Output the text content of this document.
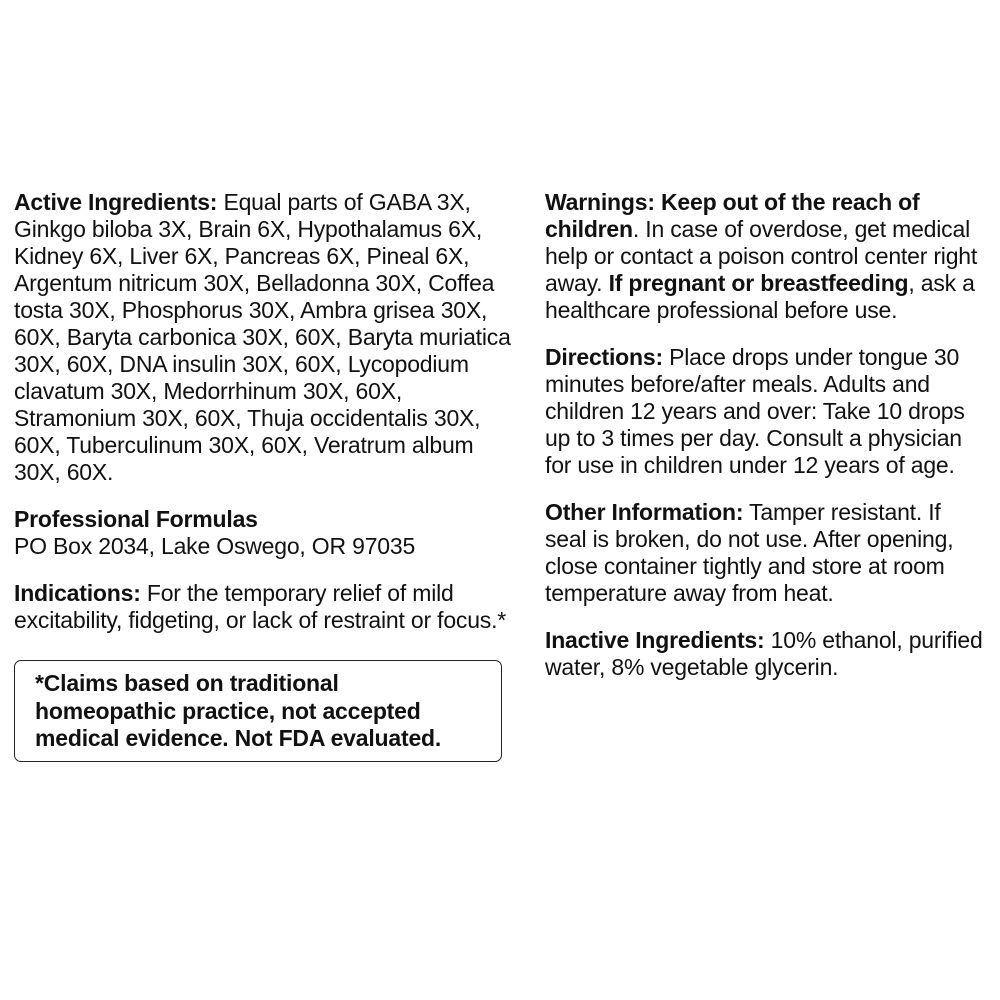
Active Ingredients: Equal parts of GABA 3X, Ginkgo biloba 3X, Brain 6X, Hypothalamus 6X, Kidney 6X, Liver 6X, Pancreas 6X, Pineal 6X, Argentum nitricum 30X, Belladonna 30X, Coffea tosta 30X, Phosphorus 30X, Ambra grisea 30X, 60X, Baryta carbonica 30X, 60X, Baryta muriatica 30X, 60X, DNA insulin 30X, 60X, Lycopodium clavatum 30X, Medorrhinum 30X, 60X, Stramonium 30X, 60X, Thuja occidentalis 30X, 60X, Tuberculinum 30X, 60X, Veratrum album 30X, 60X.

Professional Formulas
PO Box 2034, Lake Oswego, OR 97035

Indications: For the temporary relief of mild excitability, fidgeting, or lack of restraint or focus.*

*Claims based on traditional
homeopathic practice, not accepted
medical evidence. Not FDA evaluated.

Warnings: Keep out of the reach of children. In case of overdose, get medical help or contact a poison control center right away. If pregnant or breastfeeding, ask a healthcare professional before use.

Directions: Place drops under tongue 30 minutes before/after meals. Adults and children 12 years and over: Take 10 drops up to 3 times per day. Consult a physician for use in children under 12 years of age.

Other Information: Tamper resistant. If seal is broken, do not use. After opening, close container tightly and store at room temperature away from heat.

Inactive Ingredients: 10% ethanol, purified water, 8% vegetable glycerin.
